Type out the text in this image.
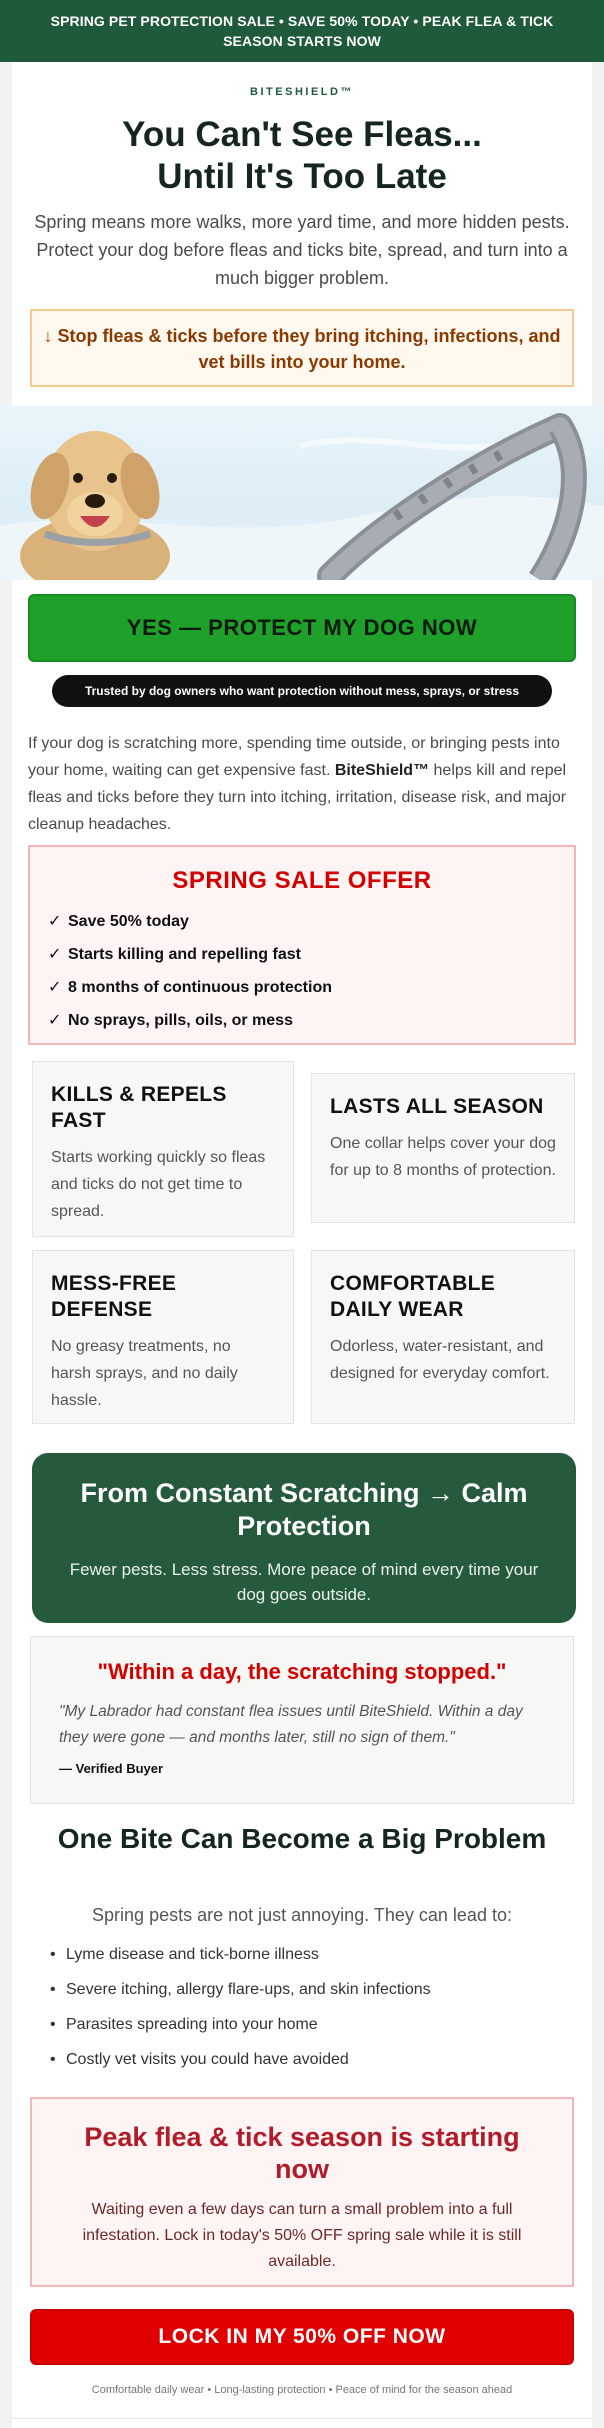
SPRING PET PROTECTION SALE • SAVE 50% TODAY • PEAK FLEA & TICK SEASON STARTS NOW
BITESHIELD™
You Can't See Fleas...
Until It's Too Late
Spring means more walks, more yard time, and more hidden pests. Protect your dog before fleas and ticks bite, spread, and turn into a much bigger problem.
↓ Stop fleas & ticks before they bring itching, infections, and vet bills into your home.
YES — PROTECT MY DOG NOW
Trusted by dog owners who want protection without mess, sprays, or stress

If your dog is scratching more, spending time outside, or bringing pests into your home, waiting can get expensive fast. BiteShield™ helps kill and repel fleas and ticks before they turn into itching, irritation, disease risk, and major cleanup headaches.

SPRING SALE OFFER
✓ Save 50% today
✓ Starts killing and repelling fast
✓ 8 months of continuous protection
✓ No sprays, pills, oils, or mess
KILLS & REPELS FAST

Starts working quickly so fleas and ticks do not get time to spread.

LASTS ALL SEASON

One collar helps cover your dog for up to 8 months of protection.

MESS-FREE DEFENSE

No greasy treatments, no harsh sprays, and no daily hassle.

COMFORTABLE DAILY WEAR

Odorless, water-resistant, and designed for everyday comfort.

From Constant Scratching → Calm Protection

Fewer pests. Less stress. More peace of mind every time your dog goes outside.

"Within a day, the scratching stopped."

"My Labrador had constant flea issues until BiteShield. Within a day they were gone — and months later, still no sign of them."

— Verified Buyer
One Bite Can Become a Big Problem
Spring pests are not just annoying. They can lead to:
• Lyme disease and tick-borne illness
• Severe itching, allergy flare-ups, and skin infections
• Parasites spreading into your home
• Costly vet visits you could have avoided
Peak flea & tick season is starting now

Waiting even a few days can turn a small problem into a full infestation. Lock in today's 50% OFF spring sale while it is still available.

LOCK IN MY 50% OFF NOW
Comfortable daily wear • Long-lasting protection • Peace of mind for the season ahead
